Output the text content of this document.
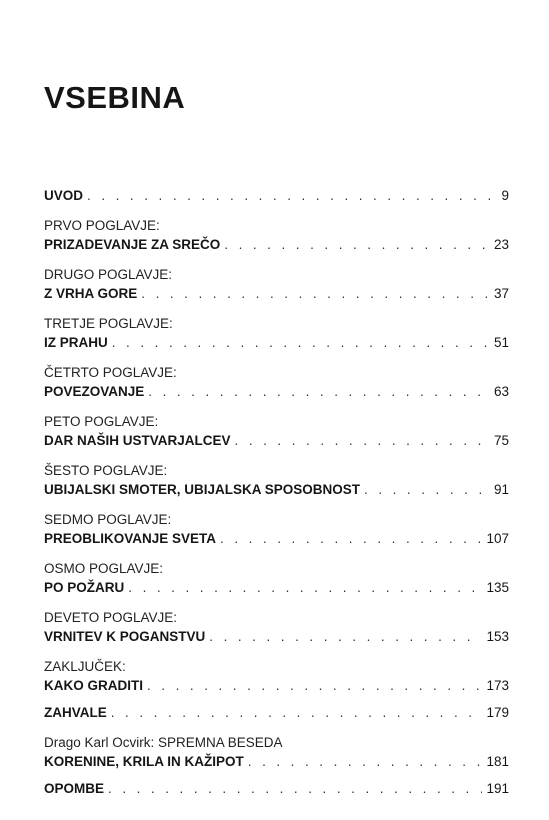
VSEBINA
UVOD . . .	9
PRVO POGLAVJE:
PRIZADEVANJE ZA SREČO . . .	23
DRUGO POGLAVJE:
Z VRHA GORE . . .	37
TRETJE POGLAVJE:
IZ PRAHU . . .	51
ČETRTO POGLAVJE:
POVEZOVANJE . . .	63
PETO POGLAVJE:
DAR NAŠIH USTVARJALCEV . . .	75
ŠESTO POGLAVJE:
UBIJALSKI SMOTER, UBIJALSKA SPOSOBNOST . . .	91
SEDMO POGLAVJE:
PREOBLIKOVANJE SVETA . . .	107
OSMO POGLAVJE:
PO POŽARU . . .	135
DEVETO POGLAVJE:
VRNITEV K POGANSTVU . . .	153
ZAKLJUČEK:
KAKO GRADITI . . .	173
ZAHVALE . . .	179
Drago Karl Ocvirk: SPREMNA BESEDA
KORENINE, KRILA IN KAŽIPOT . . .	181
OPOMBE . . .	191
